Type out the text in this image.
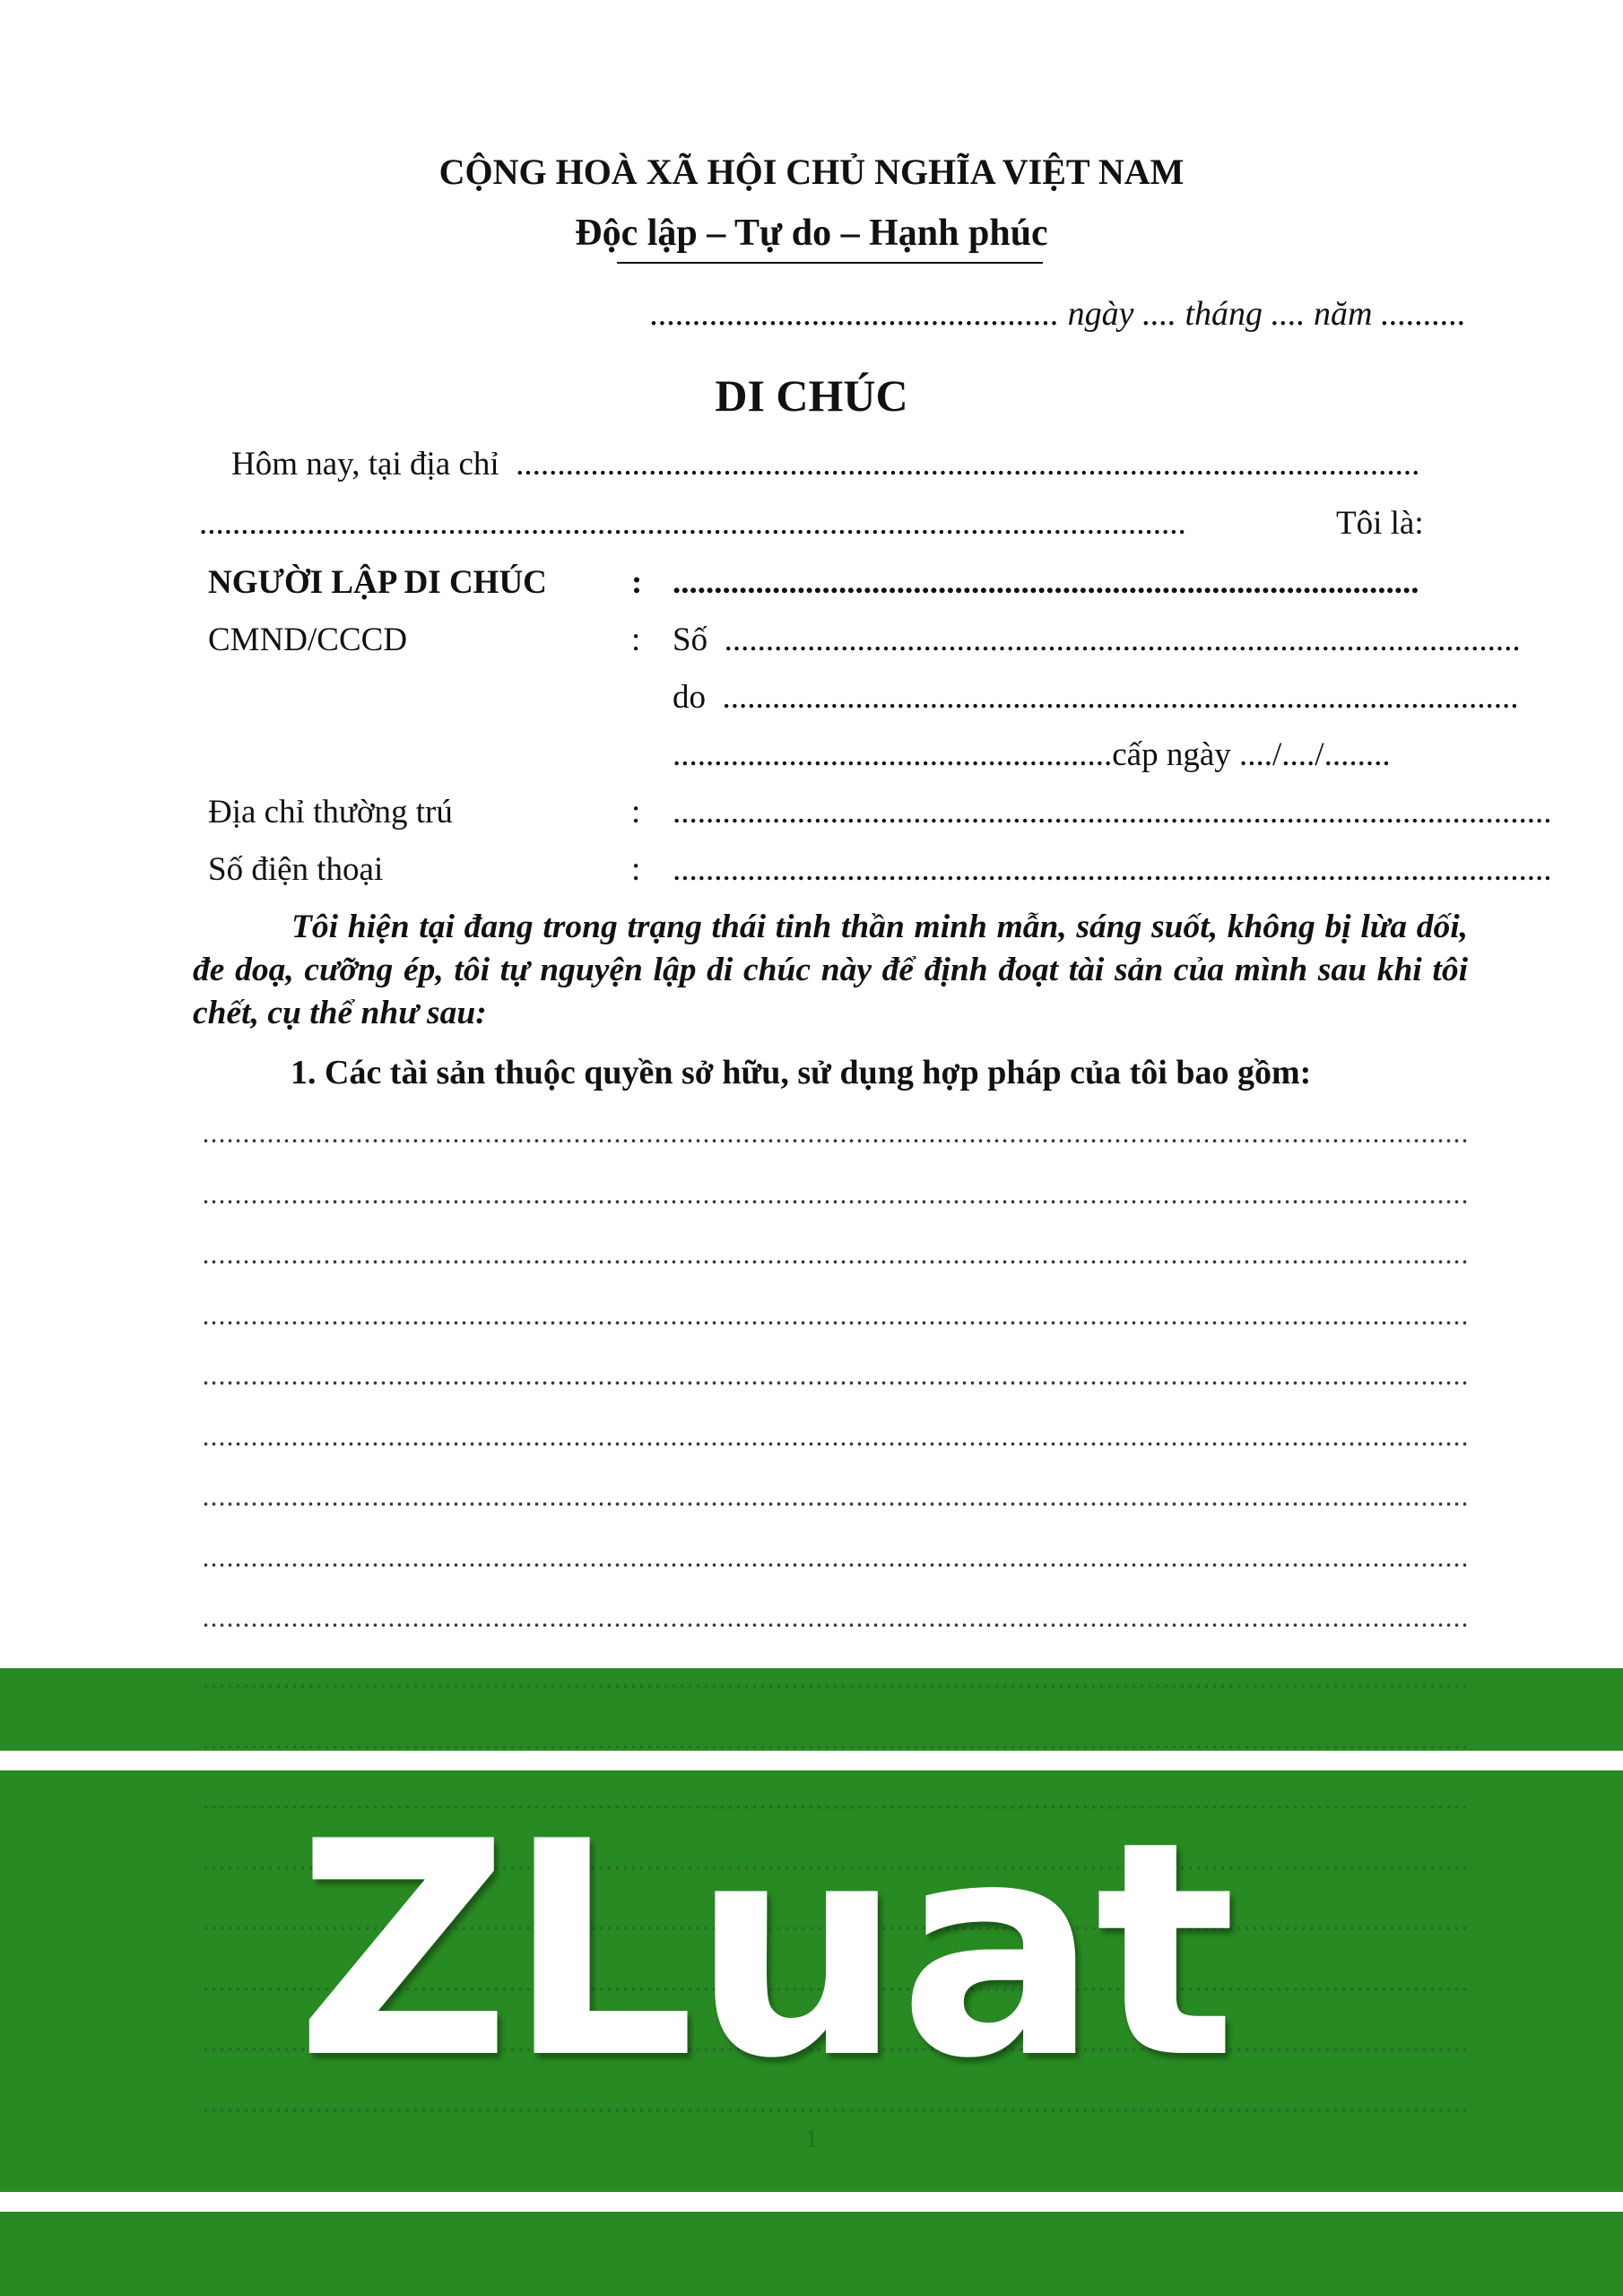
CỘNG HOÀ XÃ HỘI CHỦ NGHĨA VIỆT NAM
Độc lập – Tự do – Hạnh phúc
................................................ ngày .... tháng .... năm ..........
DI CHÚC
Hôm nay, tại địa chỉ  .............................................................................................................
.......................................................................................................................	Tôi là:
NGƯỜI LẬP DI CHÚC	: ..........................................................................................
CMND/CCCD	: Số  ................................................................................................
do  ................................................................................................
.....................................................cấp ngày ..../..../........
Địa chỉ thường trú	: ..........................................................................................................
Số điện thoại	: ..........................................................................................................
Tôi hiện tại đang trong trạng thái tinh thần minh mẫn, sáng suốt, không bị lừa dối, đe doạ, cưỡng ép, tôi tự nguyện lập di chúc này để định đoạt tài sản của mình sau khi tôi chết, cụ thể như sau:
1. Các tài sản thuộc quyền sở hữu, sử dụng hợp pháp của tôi bao gồm:
ZLuat
1
